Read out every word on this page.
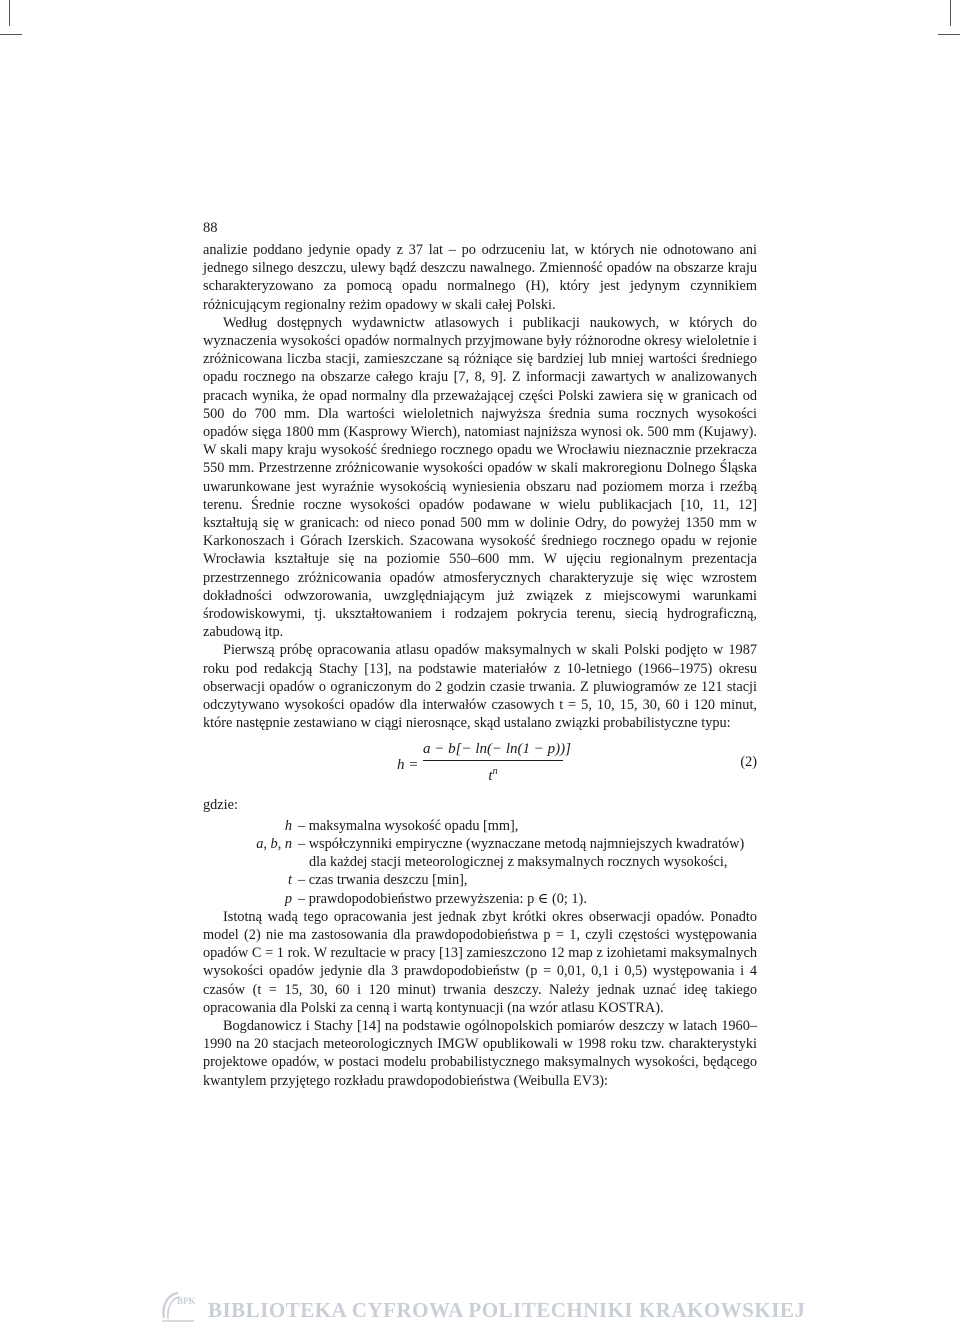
88

analizie poddano jedynie opady z 37 lat – po odrzuceniu lat, w których nie odnotowano ani jednego silnego deszczu, ulewy bądź deszczu nawalnego. Zmienność opadów na obszarze kraju scharakteryzowano za pomocą opadu normalnego (H), który jest jedynym czynnikiem różnicującym regionalny reżim opadowy w skali całej Polski.

Według dostępnych wydawnictw atlasowych i publikacji naukowych, w których do wyznaczenia wysokości opadów normalnych przyjmowane były różnorodne okresy wieloletnie i zróżnicowana liczba stacji, zamieszczane są różniące się bardziej lub mniej wartości średniego opadu rocznego na obszarze całego kraju [7, 8, 9]. Z informacji zawartych w analizowanych pracach wynika, że opad normalny dla przeważającej części Polski zawiera się w granicach od 500 do 700 mm. Dla wartości wieloletnich najwyższa średnia suma rocznych wysokości opadów sięga 1800 mm (Kasprowy Wierch), natomiast najniższa wynosi ok. 500 mm (Kujawy). W skali mapy kraju wysokość średniego rocznego opadu we Wrocławiu nieznacznie przekracza 550 mm. Przestrzenne zróżnicowanie wysokości opadów w skali makroregionu Dolnego Śląska uwarunkowane jest wyraźnie wysokością wyniesienia obszaru nad poziomem morza i rzeźbą terenu. Średnie roczne wysokości opadów podawane w wielu publikacjach [10, 11, 12] kształtują się w granicach: od nieco ponad 500 mm w dolinie Odry, do powyżej 1350 mm w Karkonoszach i Górach Izerskich. Szacowana wysokość średniego rocznego opadu w rejonie Wrocławia kształtuje się na poziomie 550–600 mm. W ujęciu regionalnym prezentacja przestrzennego zróżnicowania opadów atmosferycznych charakteryzuje się więc wzrostem dokładności odwzorowania, uwzględniającym już związek z miejscowymi warunkami środowiskowymi, tj. ukształtowaniem i rodzajem pokrycia terenu, siecią hydrograficzną, zabudową itp.

Pierwszą próbę opracowania atlasu opadów maksymalnych w skali Polski podjęto w 1987 roku pod redakcją Stachy [13], na podstawie materiałów z 10-letniego (1966–1975) okresu obserwacji opadów o ograniczonym do 2 godzin czasie trwania. Z pluwiogramów ze 121 stacji odczytywano wysokości opadów dla interwałów czasowych t = 5, 10, 15, 30, 60 i 120 minut, które następnie zestawiano w ciągi nierosnące, skąd ustalano związki probabilistyczne typu:

h =
a − b[− ln(− ln(1 − p))]
$t^n$
(2)

gdzie:

h – maksymalna wysokość opadu [mm],
a, b, n – współczynniki empiryczne (wyznaczane metodą najmniejszych kwadratów)
dla każdej stacji meteorologicznej z maksymalnych rocznych wysokości,
t – czas trwania deszczu [min],
p – prawdopodobieństwo przewyższenia: p ∈ (0; 1).

Istotną wadą tego opracowania jest jednak zbyt krótki okres obserwacji opadów. Ponadto model (2) nie ma zastosowania dla prawdopodobieństwa p = 1, czyli częstości występowania opadów C = 1 rok. W rezultacie w pracy [13] zamieszczono 12 map z izohietami maksymalnych wysokości opadów jedynie dla 3 prawdopodobieństw (p = 0,01, 0,1 i 0,5) występowania i 4 czasów (t = 15, 30, 60 i 120 minut) trwania deszczy. Należy jednak uznać ideę takiego opracowania dla Polski za cenną i wartą kontynuacji (na wzór atlasu KOSTRA).

Bogdanowicz i Stachy [14] na podstawie ogólnopolskich pomiarów deszczy w latach 1960–1990 na 20 stacjach meteorologicznych IMGW opublikowali w 1998 roku tzw. charakterystyki projektowe opadów, w postaci modelu probabilistycznego maksymalnych wysokości, będącego kwantylem przyjętego rozkładu prawdopodobieństwa (Weibulla EV3):

BPK BIBLIOTEKA CYFROWA POLITECHNIKI KRAKOWSKIEJ
